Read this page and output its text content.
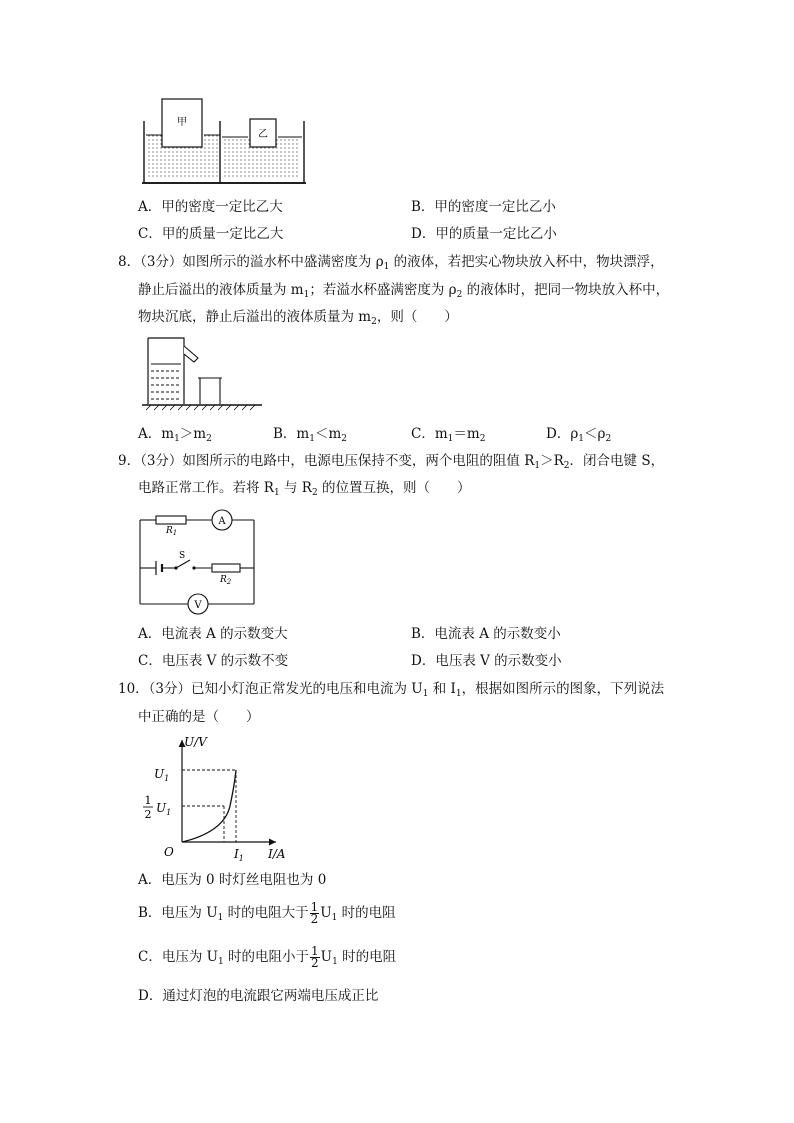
甲
乙
A．甲的密度一定比乙大	B．甲的密度一定比乙小
C．甲的质量一定比乙大	D．甲的质量一定比乙小
8．（3分）如图所示的溢水杯中盛满密度为 $\rho_1$ 的液体，若把实心物块放入杯中，物块漂浮，
静止后溢出的液体质量为 $m_1$；若溢水杯盛满密度为 $\rho_2$ 的液体时，把同一物块放入杯中，
物块沉底，静止后溢出的液体质量为 $m_2$，则（　　）
A．$m_1>m_2$	B．$m_1<m_2$	C．$m_1=m_2$	D．$\rho_1<\rho_2$
9．（3分）如图所示的电路中，电源电压保持不变，两个电阻的阻值 $R_1>R_2$．闭合电键 S，
电路正常工作。若将 $R_1$ 与 $R_2$ 的位置互换，则（　　）
$R_1$
$R_2$
S
A
V
A．电流表 A 的示数变大	B．电流表 A 的示数变小
C．电压表 V 的示数不变	D．电压表 V 的示数变小
10．（3分）已知小灯泡正常发光的电压和电流为 $U_1$ 和 $I_1$，根据如图所示的图象，下列说法
中正确的是（　　）
U/V
I/A
O
$U_1$
1
2 $U_1$
$I_1$
A．电压为 0 时灯丝电阻也为 0
B．电压为 $U_1$ 时的电阻大于 $\frac{1}{2} U_1$ 时的电阻
C．电压为 $U_1$ 时的电阻小于 $\frac{1}{2} U_1$ 时的电阻
D．通过灯泡的电流跟它两端电压成正比
